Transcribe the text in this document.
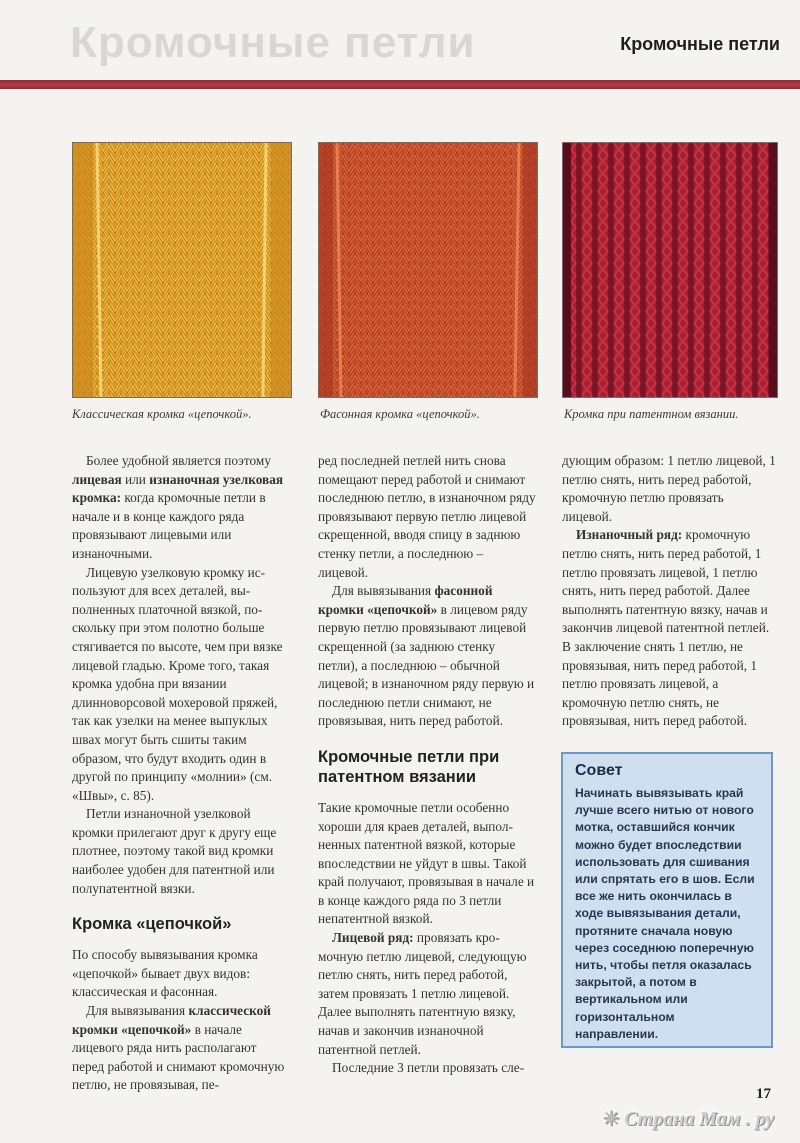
Кромочные петли	Кромочные петли
Классическая кромка «цепочкой».	Фасонная кромка «цепочкой».	Кромка при патентном вязании.

Более удобной является поэтому лицевая или изнаночная узелковая кромка: когда кромочные петли в начале и в конце каждого ряда провязывают лицевыми или изнаночными.

Лицевую узелковую кромку используют для всех деталей, выполненных платочной вязкой, поскольку при этом полотно больше стягивается по высоте, чем при вязке лицевой гладью. Кроме того, такая кромка удобна при вязании длинноворсовой мохеровой пряжей, так как узелки на менее выпуклых швах могут быть сшиты таким образом, что будут входить один в другой по принципу «молнии» (см. «Швы», с. 85).

Петли изнаночной узелковой кромки прилегают друг к другу еще плотнее, поэтому такой вид кромки наиболее удобен для патентной или полупатентной вязки.

Кромка «цепочкой»

По способу вывязывания кромка «цепочкой» бывает двух видов: классическая и фасонная.

Для вывязывания классической кромки «цепочкой» в начале лицевого ряда нить располагают перед работой и снимают кромочную петлю, не провязывая, пе-

ред последней петлей нить снова помещают перед работой и снимают последнюю петлю, в изнаночном ряду провязывают первую петлю лицевой скрещенной, вводя спицу в заднюю стенку петли, а последнюю – лицевой.

Для вывязывания фасонной кромки «цепочкой» в лицевом ряду первую петлю провязывают лицевой скрещенной (за заднюю стенку петли), а последнюю – обычной лицевой; в изнаночном ряду первую и последнюю петли снимают, не провязывая, нить перед работой.

Кромочные петли при патентном вязании

Такие кромочные петли особенно хороши для краев деталей, выполненных патентной вязкой, которые впоследствии не уйдут в швы. Такой край получают, провязывая в начале и в конце каждого ряда по 3 петли непатентной вязкой.

Лицевой ряд: провязать кромочную петлю лицевой, следующую петлю снять, нить перед работой, затем провязать 1 петлю лицевой. Далее выполнять патентную вязку, начав и закончив изнаночной патентной петлей.

Последние 3 петли провязать сле-

дующим образом: 1 петлю лицевой, 1 петлю снять, нить перед работой, кромочную петлю провязать лицевой.

Изнаночный ряд: кромочную петлю снять, нить перед работой, 1 петлю провязать лицевой, 1 петлю снять, нить перед работой. Далее выполнять патентную вязку, начав и закончив лицевой патентной петлей. В заключение снять 1 петлю, не провязывая, нить перед работой, 1 петлю провязать лицевой, а кромочную петлю снять, не провязывая, нить перед работой.

Совет
Начинать вывязывать край лучше всего нитью от нового мотка, оставшийся кончик можно будет впоследствии использовать для сшивания или спрятать его в шов. Если все же нить окончилась в ходе вывязывания детали, протяните сначала новую через соседнюю поперечную нить, чтобы петля оказалась закрытой, а потом в вертикальном или горизонтальном направлении.
17
☀ Страна Мам . ру
